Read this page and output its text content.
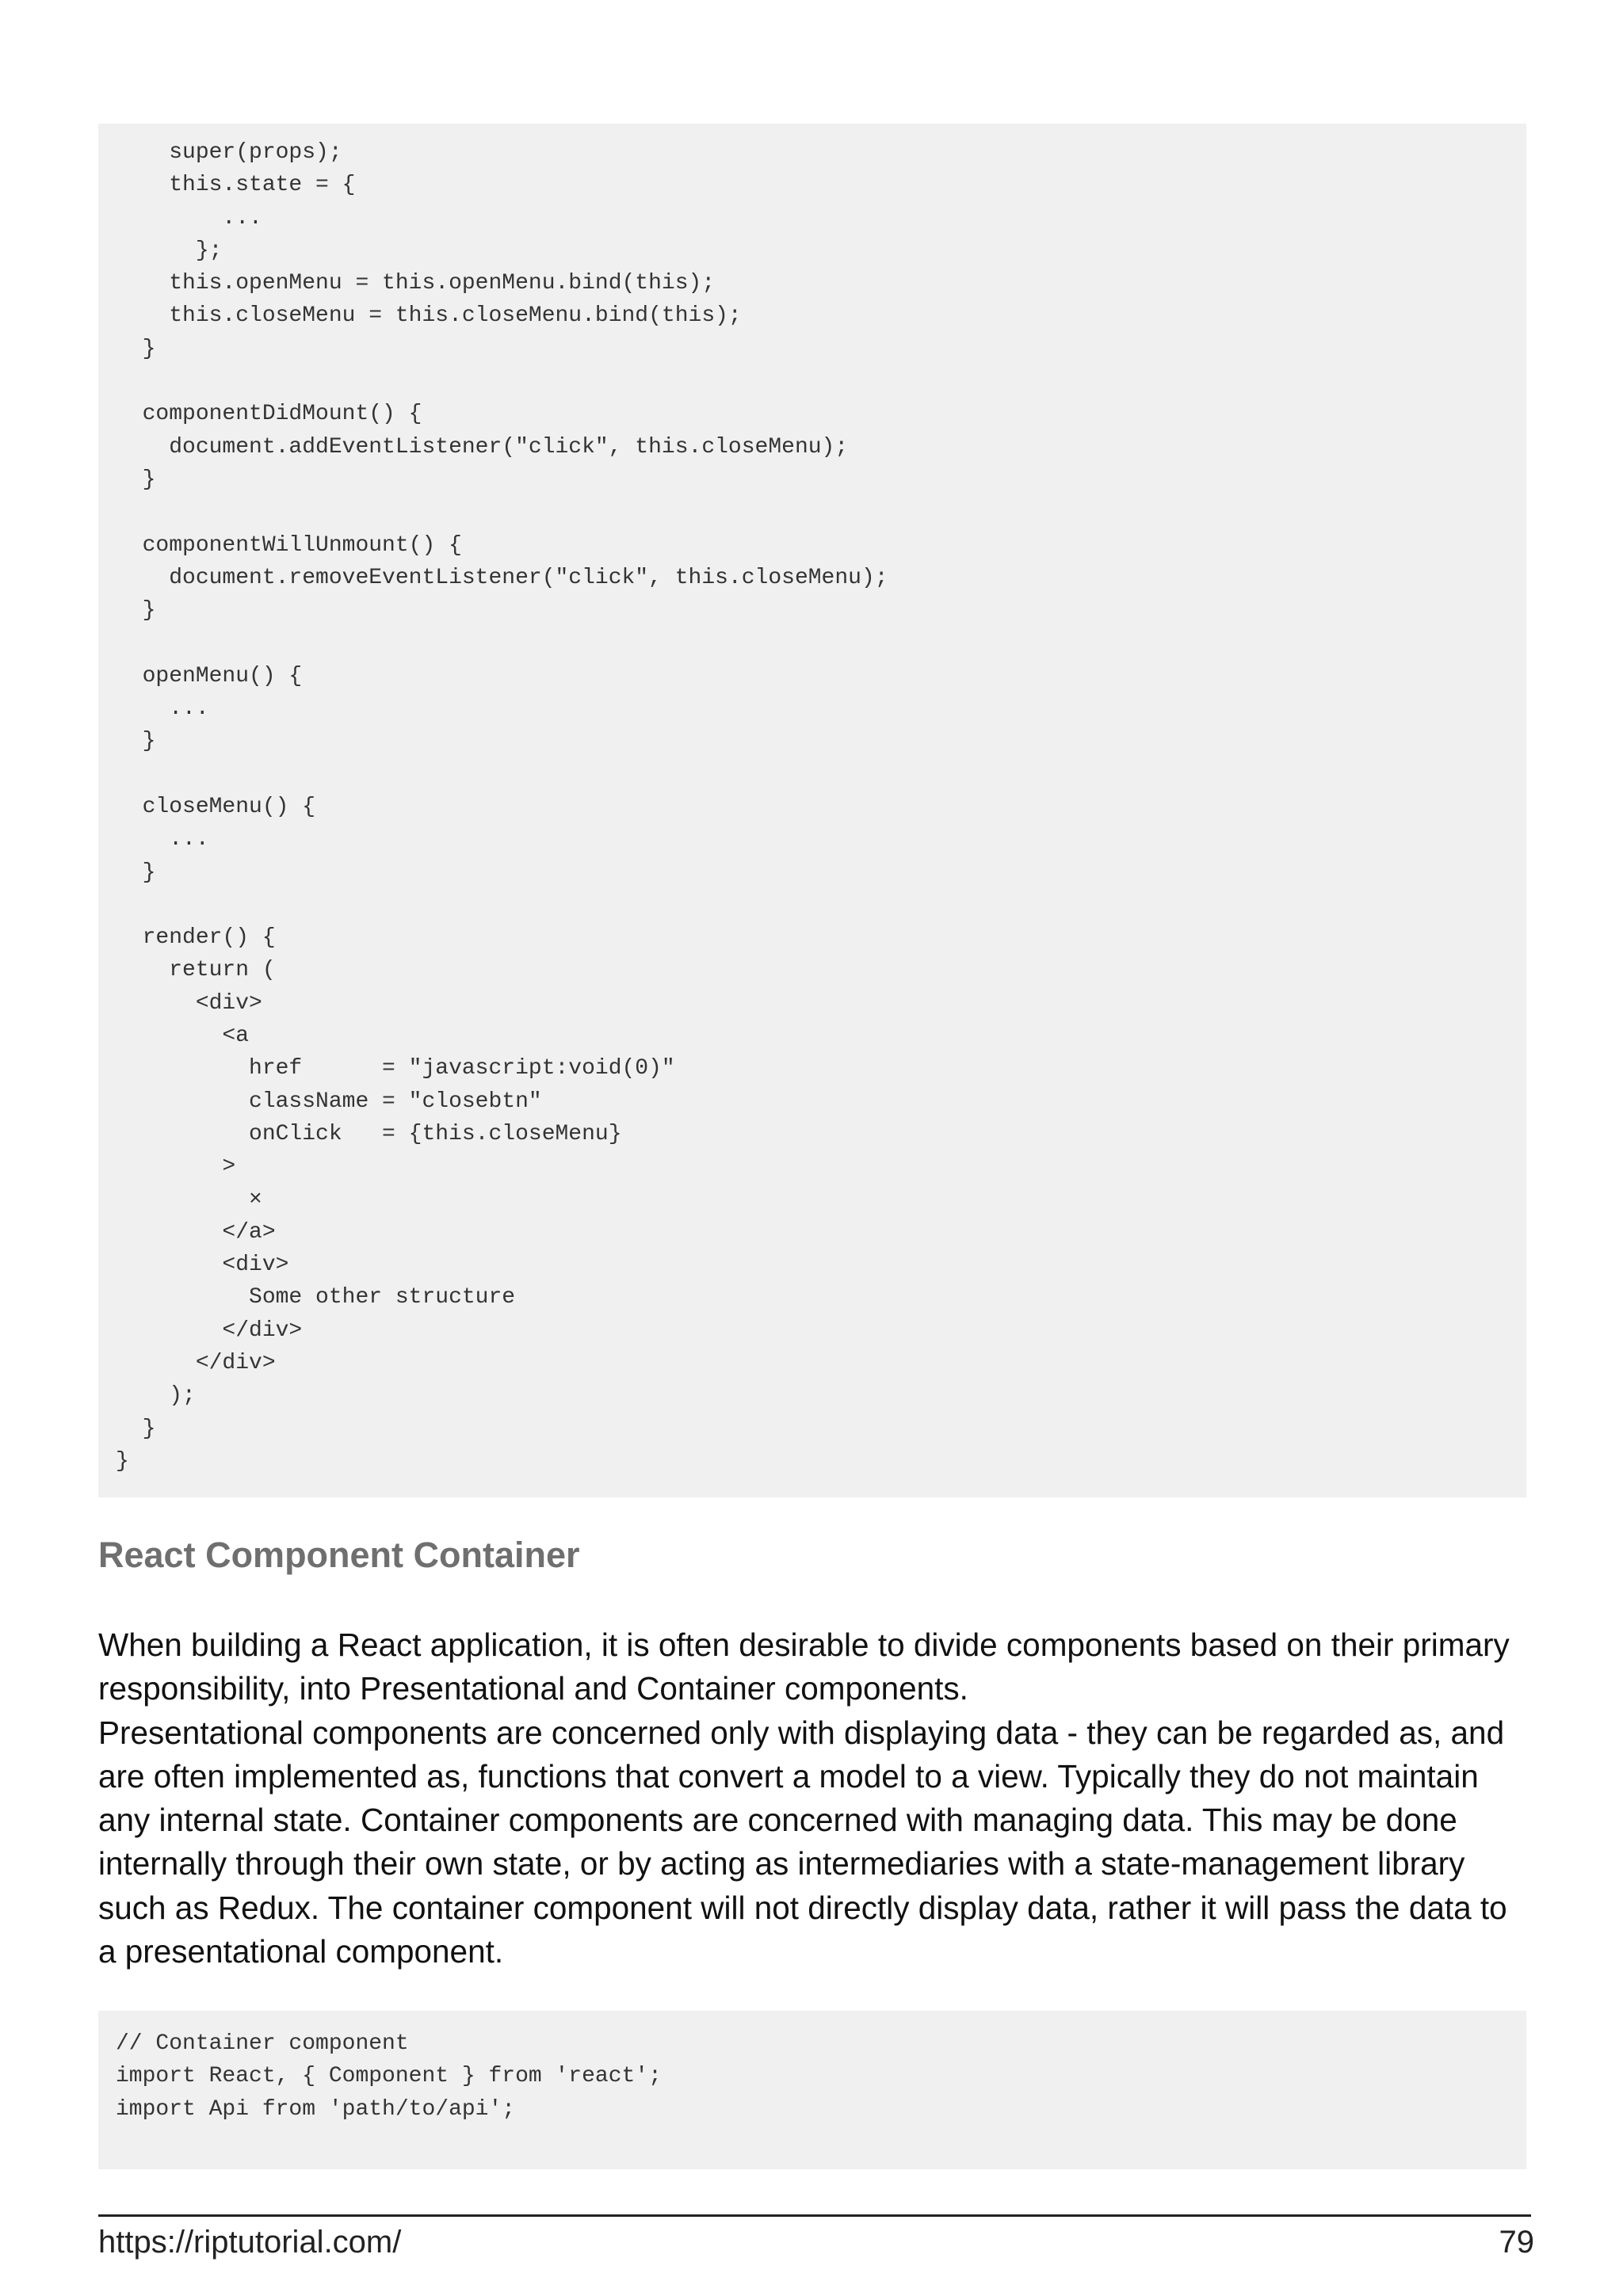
super(props);
this.state = {
...
};
this.openMenu = this.openMenu.bind(this);
this.closeMenu = this.closeMenu.bind(this);
}

componentDidMount() {
document.addEventListener("click", this.closeMenu);
}

componentWillUnmount() {
document.removeEventListener("click", this.closeMenu);
}

openMenu() {
...
}

closeMenu() {
...
}

render() {
return (
<div>
<a
href      = "javascript:void(0)"
className = "closebtn"
onClick   = {this.closeMenu}
>
×
</a>
<div>
Some other structure
</div>
</div>
);
}
}
React Component Container

When building a React application, it is often desirable to divide components based on their primary responsibility, into Presentational and Container components.

Presentational components are concerned only with displaying data - they can be regarded as, and are often implemented as, functions that convert a model to a view. Typically they do not maintain any internal state. Container components are concerned with managing data. This may be done internally through their own state, or by acting as intermediaries with a state-management library such as Redux. The container component will not directly display data, rather it will pass the data to a presentational component.

// Container component
import React, { Component } from 'react';
import Api from 'path/to/api';
https://riptutorial.com/	79
